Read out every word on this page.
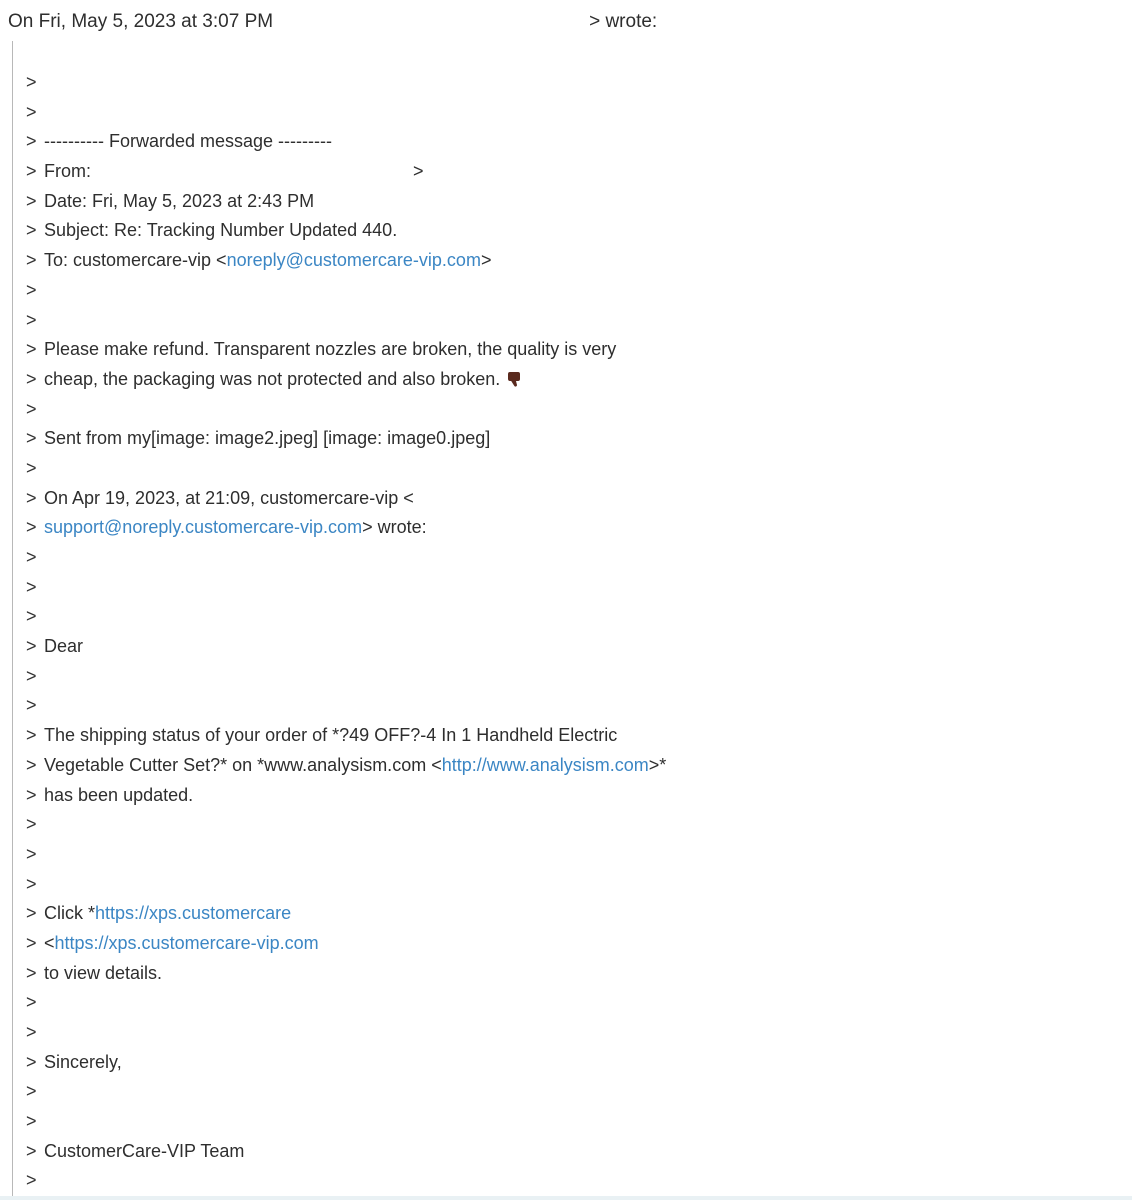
On Fri, May 5, 2023 at 3:07 PM	> wrote:
>
>
> ---------- Forwarded message ---------
> From:	>
> Date: Fri, May 5, 2023 at 2:43 PM
> Subject: Re: Tracking Number Updated 440.
> To: customercare-vip <noreply@customercare-vip.com>
>
>
> Please make refund. Transparent nozzles are broken, the quality is very
> cheap, the packaging was not protected and also broken.
>
> Sent from my[image: image2.jpeg] [image: image0.jpeg]
>
> On Apr 19, 2023, at 21:09, customercare-vip <
> support@noreply.customercare-vip.com> wrote:
>
>
>
> Dear
>
>
> The shipping status of your order of *?49 OFF?-4 In 1 Handheld Electric
> Vegetable Cutter Set?* on *www.analysism.com <http://www.analysism.com>*
> has been updated.
>
>
>
> Click *https://xps.customercare
> <https://xps.customercare-vip.com
> to view details.
>
>
> Sincerely,
>
>
> CustomerCare-VIP Team
>
